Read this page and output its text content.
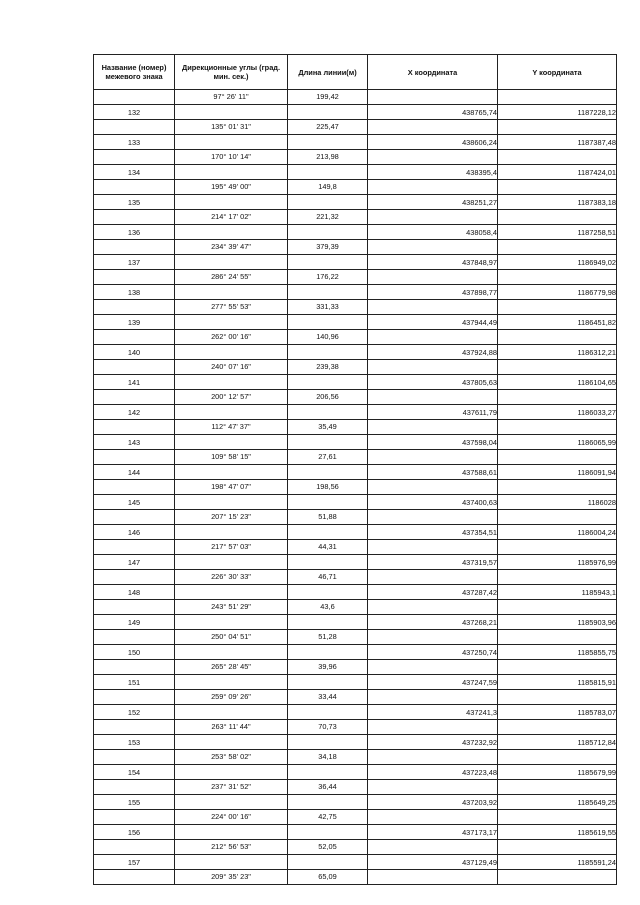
Название (номер) межевого знака	Дирекционные углы (град. мин. сек.)	Длина линии(м)	X координата	Y координата
	97° 26' 11"	199,42		
132			438765,74	1187228,12
	135° 01' 31"	225,47		
133			438606,24	1187387,48
	170° 10' 14"	213,98		
134			438395,4	1187424,01
	195° 49' 00"	149,8		
135			438251,27	1187383,18
	214° 17' 02"	221,32		
136			438058,4	1187258,51
	234° 39' 47"	379,39		
137			437848,97	1186949,02
	286° 24' 55"	176,22		
138			437898,77	1186779,98
	277° 55' 53"	331,33		
139			437944,49	1186451,82
	262° 00' 16"	140,96		
140			437924,88	1186312,21
	240° 07' 16"	239,38		
141			437805,63	1186104,65
	200° 12' 57"	206,56		
142			437611,79	1186033,27
	112° 47' 37"	35,49		
143			437598,04	1186065,99
	109° 58' 15"	27,61		
144			437588,61	1186091,94
	198° 47' 07"	198,56		
145			437400,63	1186028
	207° 15' 23"	51,88		
146			437354,51	1186004,24
	217° 57' 03"	44,31		
147			437319,57	1185976,99
	226° 30' 33"	46,71		
148			437287,42	1185943,1
	243° 51' 29"	43,6		
149			437268,21	1185903,96
	250° 04' 51"	51,28		
150			437250,74	1185855,75
	265° 28' 45"	39,96		
151			437247,59	1185815,91
	259° 09' 26"	33,44		
152			437241,3	1185783,07
	263° 11' 44"	70,73		
153			437232,92	1185712,84
	253° 58' 02"	34,18		
154			437223,48	1185679,99
	237° 31' 52"	36,44		
155			437203,92	1185649,25
	224° 00' 16"	42,75		
156			437173,17	1185619,55
	212° 56' 53"	52,05		
157			437129,49	1185591,24
	209° 35' 23"	65,09		
